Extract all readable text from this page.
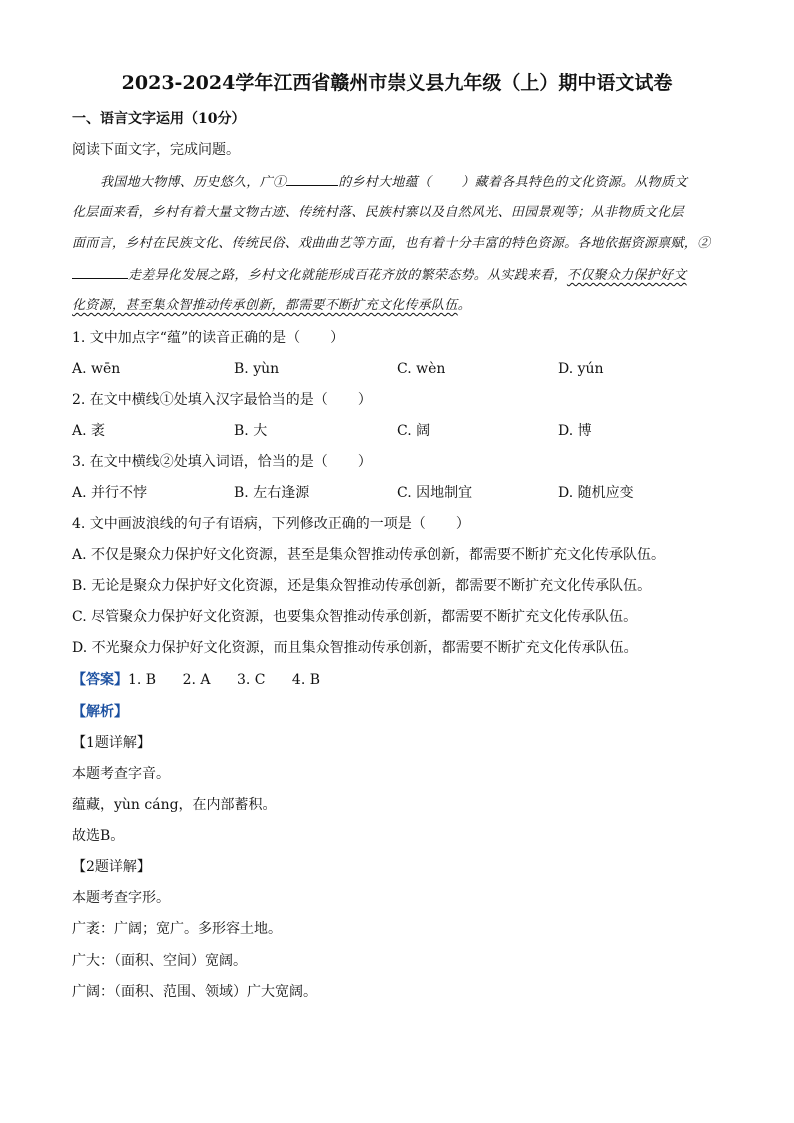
2023-2024学年江西省赣州市崇义县九年级（上）期中语文试卷
一、语言文字运用（10分）
阅读下面文字，完成问题。
我国地大物博、历史悠久，广①	的乡村大地蕴（ ）藏着各具特色的文化资源。从物质文
化层面来看，乡村有着大量文物古迹、传统村落、民族村寨以及自然风光、田园景观等；从非物质文化层
面而言，乡村在民族文化、传统民俗、戏曲曲艺等方面，也有着十分丰富的特色资源。各地依据资源禀赋，②
走差异化发展之路，乡村文化就能形成百花齐放的繁荣态势。从实践来看，不仅聚众力保护好文
化资源，甚至集众智推动传承创新，都需要不断扩充文化传承队伍。
1. 文中加点字“蕴”的读音正确的是（ ）
A. wēn	B. yùn	C. wèn	D. yún
2. 在文中横线①处填入汉字最恰当的是（ ）
A. 袤	B. 大	C. 阔	D. 博
3. 在文中横线②处填入词语，恰当的是（ ）
A. 并行不悖	B. 左右逢源	C. 因地制宜	D. 随机应变
4. 文中画波浪线的句子有语病，下列修改正确的一项是（ ）
A. 不仅是聚众力保护好文化资源，甚至是集众智推动传承创新，都需要不断扩充文化传承队伍。
B. 无论是聚众力保护好文化资源，还是集众智推动传承创新，都需要不断扩充文化传承队伍。
C. 尽管聚众力保护好文化资源，也要集众智推动传承创新，都需要不断扩充文化传承队伍。
D. 不光聚众力保护好文化资源，而且集众智推动传承创新，都需要不断扩充文化传承队伍。
【答案】1. B 2. A 3. C 4. B
【解析】
【1题详解】
本题考查字音。
蕴藏，yùn cáng，在内部蓄积。
故选B。
【2题详解】
本题考查字形。
广袤：广阔；宽广。多形容土地。
广大：（面积、空间）宽阔。
广阔：（面积、范围、领域）广大宽阔。
